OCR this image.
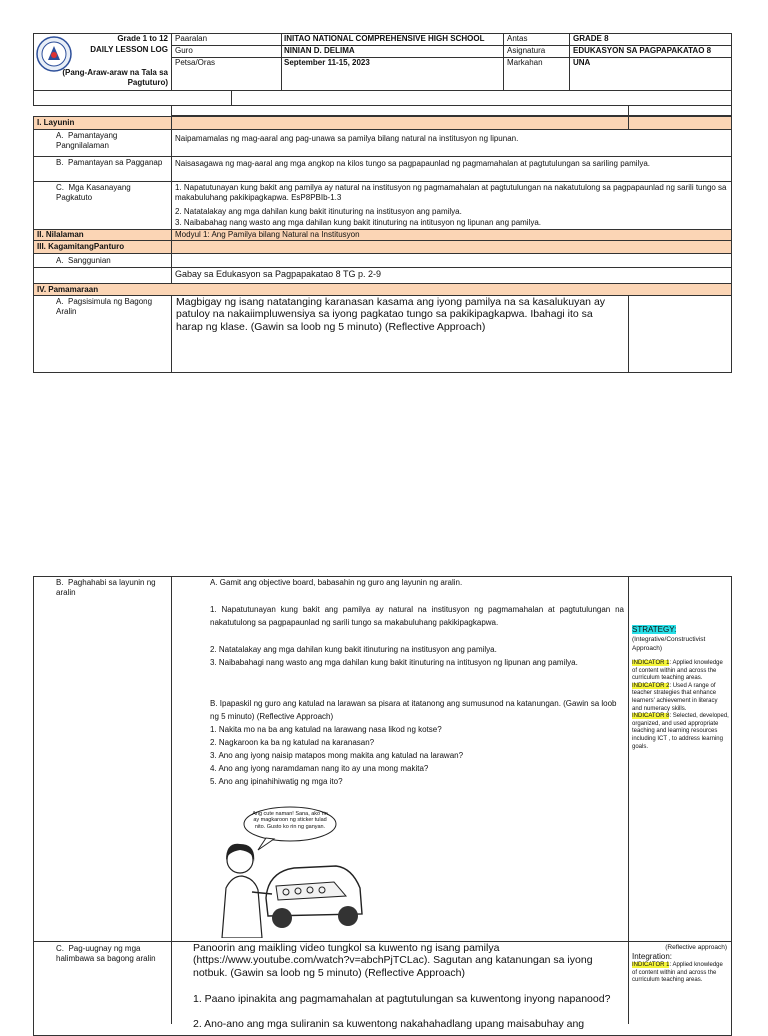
Grade 1 to 12
DAILY LESSON LOG
(Pang-Araw-araw na Tala sa Pagtuturo)
Paaralan
Guro
Petsa/Oras
INITAO NATIONAL COMPREHENSIVE HIGH SCHOOL
NINIAN D. DELIMA
September 11-15, 2023
Antas
Asignatura
Markahan
GRADE 8
EDUKASYON SA PAGPAPAKATAO 8
UNA
I. Layunin
A.  Pamantayang Pangnilalaman
Naipamamalas ng mag-aaral ang pag-unawa sa pamilya bilang natural na institusyon ng lipunan.
B.  Pamantayan sa Pagganap	Naisasagawa ng mag-aaral ang mga angkop na kilos tungo sa pagpapaunlad ng pagmamahalan at pagtutulungan sa sariling pamilya.
C.  Mga Kasanayang Pagkatuto
1. Napatutunayan kung bakit ang pamilya ay natural na institusyon ng pagmamahalan at pagtutulungan na nakatutulong sa pagpapaunlad ng sarili tungo sa makabuluhang pakikipagkapwa. EsP8PBIb-1.3
2. Natatalakay ang mga dahilan kung bakit itinuturing na institusyon ang pamilya.
3. Naibabahag nang wasto ang mga dahilan kung bakit itinuturing na intitusyon ng lipunan ang pamilya.
II. Nilalaman	Modyul 1: Ang Pamilya bilang Natural na Institusyon
III. KagamitangPanturo
A.  Sanggunian
Gabay sa Edukasyon sa Pagpapakatao 8 TG p. 2-9
IV. Pamamaraan
A.  Pagsisimula ng Bagong Aralin
Magbigay ng isang natatanging karanasan kasama ang iyong pamilya na sa kasalukuyan ay patuloy na nakaiimpluwensiya sa iyong pagkatao tungo sa pakikipagkapwa. Ibahagi ito sa harap ng klase. (Gawin sa loob ng 5 minuto) (Reflective Approach)
B.  Paghahabi sa layunin ng aralin
A. Gamit ang objective board, babasahin ng guro ang layunin ng aralin.
1. Napatutunayan kung bakit ang pamilya ay natural na institusyon ng pagmamahalan at pagtutulungan na nakatutulong sa pagpapaunlad ng sarili tungo sa makabuluhang pakikipagkapwa.
2. Natatalakay ang mga dahilan kung bakit itinuturing na institusyon ang pamilya.
3. Naibabahagi nang wasto ang mga dahilan kung bakit itinuturing na intitusyon ng lipunan ang pamilya.
B. Ipapaskil ng guro ang katulad na larawan sa pisara at itatanong ang sumusunod na katanungan. (Gawin sa loob ng 5 minuto) (Reflective Approach)
1. Nakita mo na ba ang katulad na larawang nasa likod ng kotse?
2. Nagkaroon ka ba ng katulad na karanasan?
3. Ano ang iyong naisip matapos mong makita ang katulad na larawan?
4. Ano ang iyong naramdaman nang ito ay una mong makita?
5. Ano ang ipinahihiwatig ng mga ito?
Ang cute naman! Sana, ako rin ay magkaroon ng sticker tulad nito. Gusto ko rin ng ganyan.
STRATEGY:
(Integrative/Constructivist Approach)
INDICATOR 1: Applied knowledge of content within and across the curriculum teaching areas.
INDICATOR 2: Used A range of teacher strategies that enhance learners' achievement in literacy and numeracy skills.
INDICATOR 8: Selected, developed, organized, and used appropriate teaching and learning resources including ICT , to address learning goals.
C.  Pag-uugnay ng mga halimbawa sa bagong aralin
Panoorin ang maikling video tungkol sa kuwento ng isang pamilya (https://www.youtube.com/watch?v=abchPjTCLac). Sagutan ang katanungan sa iyong notbuk. (Gawin sa loob ng 5 minuto) (Reflective Approach)
1. Paano ipinakita ang pagmamahalan at pagtutulungan sa kuwentong inyong napanood?
2. Ano-ano ang mga suliranin sa kuwentong nakahahadlang upang maisabuhay ang
(Reflective approach)
Integration:
INDICATOR 1: Applied knowledge of content within and across the curriculum teaching areas.
